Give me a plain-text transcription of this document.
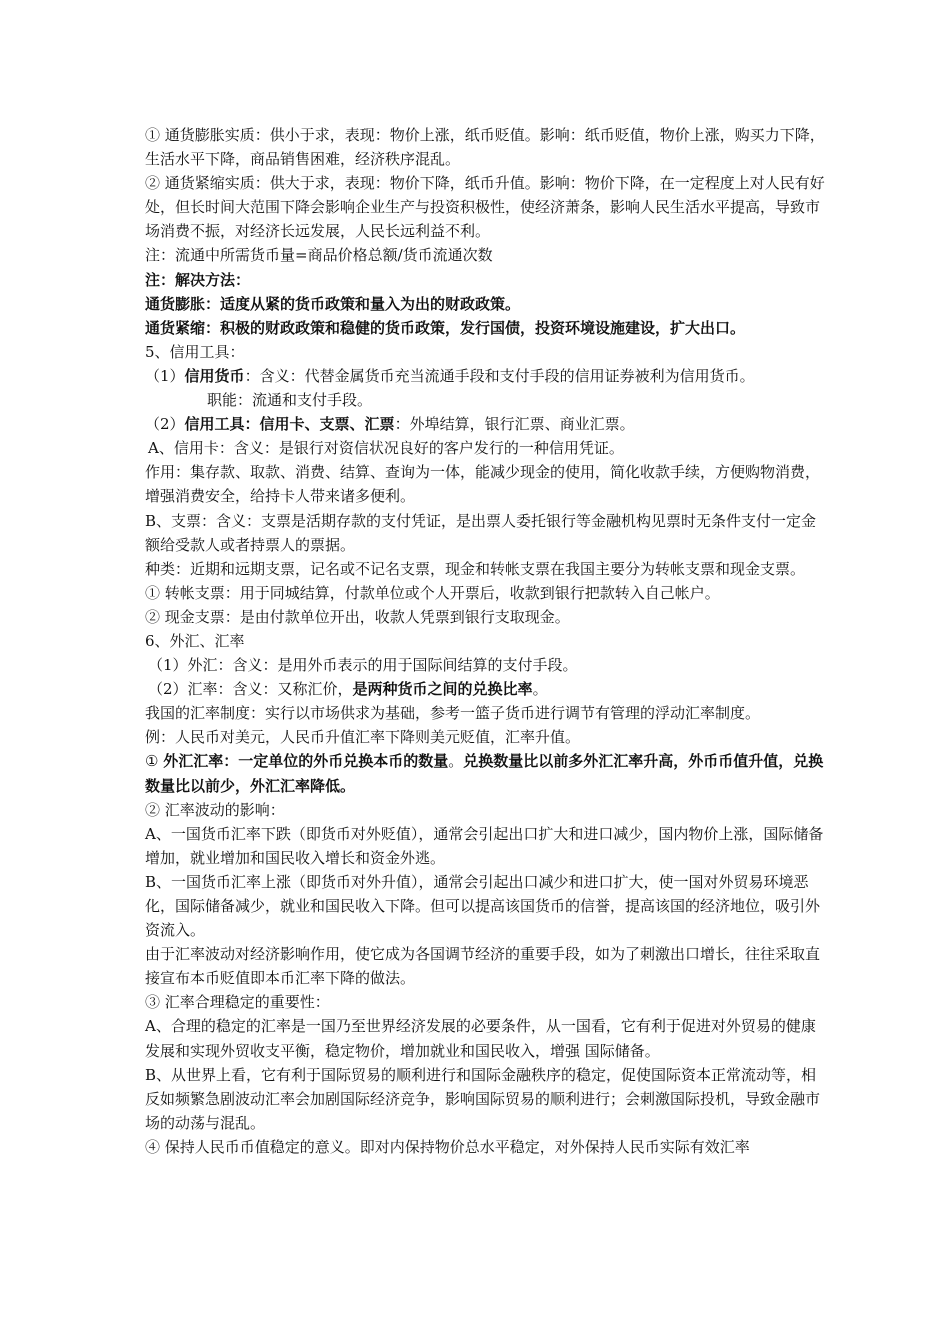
① 通货膨胀实质：供小于求，表现：物价上涨，纸币贬值。影响：纸币贬值，物价上涨，购买力下降，生活水平下降，商品销售困难，经济秩序混乱。

② 通货紧缩实质：供大于求，表现：物价下降，纸币升值。影响：物价下降，在一定程度上对人民有好处，但长时间大范围下降会影响企业生产与投资积极性，使经济萧条，影响人民生活水平提高，导致市场消费不振，对经济长远发展，人民长远利益不利。

注：流通中所需货币量=商品价格总额/货币流通次数

注：解决方法：

通货膨胀：适度从紧的货币政策和量入为出的财政政策。

通货紧缩：积极的财政政策和稳健的货币政策，发行国债，投资环境设施建设，扩大出口。

5、信用工具：

（1）信用货币：含义：代替金属货币充当流通手段和支付手段的信用证券被利为信用货币。

职能：流通和支付手段。

（2）信用工具：信用卡、支票、汇票：外埠结算，银行汇票、商业汇票。

A、信用卡：含义：是银行对资信状况良好的客户发行的一种信用凭证。

作用：集存款、取款、消费、结算、查询为一体，能减少现金的使用，简化收款手续，方便购物消费，增强消费安全，给持卡人带来诸多便利。

B、支票：含义：支票是活期存款的支付凭证，是出票人委托银行等金融机构见票时无条件支付一定金额给受款人或者持票人的票据。

种类：近期和远期支票，记名或不记名支票，现金和转帐支票在我国主要分为转帐支票和现金支票。

① 转帐支票：用于同城结算，付款单位或个人开票后，收款到银行把款转入自己帐户。

② 现金支票：是由付款单位开出，收款人凭票到银行支取现金。

6、外汇、汇率

（1）外汇：含义：是用外币表示的用于国际间结算的支付手段。

（2）汇率：含义：又称汇价，是两种货币之间的兑换比率。

我国的汇率制度：实行以市场供求为基础，参考一篮子货币进行调节有管理的浮动汇率制度。

例：人民币对美元，人民币升值汇率下降则美元贬值，汇率升值。

① 外汇汇率：一定单位的外币兑换本币的数量。兑换数量比以前多外汇汇率升高，外币币值升值，兑换数量比以前少，外汇汇率降低。

② 汇率波动的影响：

A、一国货币汇率下跌（即货币对外贬值），通常会引起出口扩大和进口减少，国内物价上涨，国际储备增加，就业增加和国民收入增长和资金外逃。

B、一国货币汇率上涨（即货币对外升值），通常会引起出口减少和进口扩大，使一国对外贸易环境恶化，国际储备减少，就业和国民收入下降。但可以提高该国货币的信誉，提高该国的经济地位，吸引外资流入。

由于汇率波动对经济影响作用，使它成为各国调节经济的重要手段，如为了刺激出口增长，往往采取直接宣布本币贬值即本币汇率下降的做法。

③ 汇率合理稳定的重要性：

A、合理的稳定的汇率是一国乃至世界经济发展的必要条件，从一国看，它有利于促进对外贸易的健康发展和实现外贸收支平衡，稳定物价，增加就业和国民收入，增强 国际储备。

B、从世界上看，它有利于国际贸易的顺利进行和国际金融秩序的稳定，促使国际资本正常流动等，相反如频繁急剧波动汇率会加剧国际经济竞争，影响国际贸易的顺利进行；会刺激国际投机，导致金融市场的动荡与混乱。

④ 保持人民币币值稳定的意义。即对内保持物价总水平稳定，对外保持人民币实际有效汇率
